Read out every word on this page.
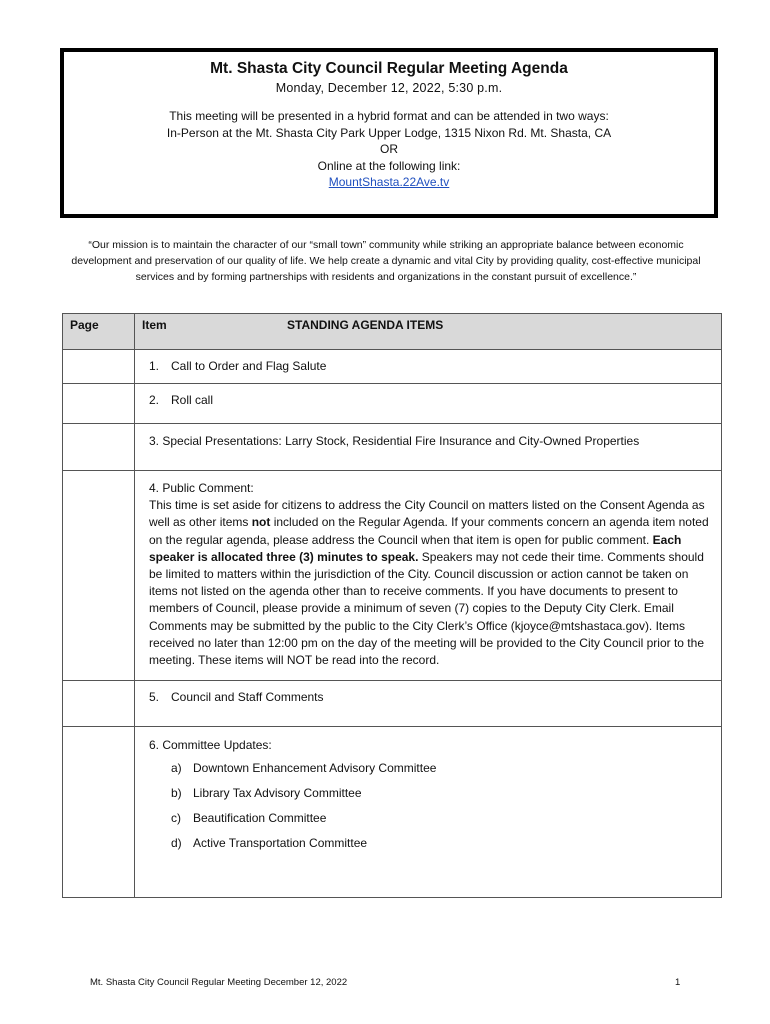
Mt. Shasta City Council Regular Meeting Agenda
Monday, December 12, 2022, 5:30 p.m.
This meeting will be presented in a hybrid format and can be attended in two ways:
In-Person at the Mt. Shasta City Park Upper Lodge, 1315 Nixon Rd. Mt. Shasta, CA
OR
Online at the following link:
MountShasta.22Ave.tv
“Our mission is to maintain the character of our “small town” community while striking an appropriate balance between economic development and preservation of our quality of life. We help create a dynamic and vital City by providing quality, cost-effective municipal services and by forming partnerships with residents and organizations in the constant pursuit of excellence.”
Page	Item STANDING AGENDA ITEMS

	1. Call to Order and Flag Salute

	2. Roll call

	3. Special Presentations: Larry Stock, Residential Fire Insurance and City-Owned Properties

	4. Public Comment:
This time is set aside for citizens to address the City Council on matters listed on the Consent Agenda as well as other items not included on the Regular Agenda. If your comments concern an agenda item noted on the regular agenda, please address the Council when that item is open for public comment. Each speaker is allocated three (3) minutes to speak. Speakers may not cede their time. Comments should be limited to matters within the jurisdiction of the City. Council discussion or action cannot be taken on items not listed on the agenda other than to receive comments. If you have documents to present to members of Council, please provide a minimum of seven (7) copies to the Deputy City Clerk. Email Comments may be submitted by the public to the City Clerk’s Office (kjoyce@mtshastaca.gov). Items received no later than 12:00 pm on the day of the meeting will be provided to the City Council prior to the meeting. These items will NOT be read into the record.

	5. Council and Staff Comments

	6. Committee Updates:
a) Downtown Enhancement Advisory Committee
b) Library Tax Advisory Committee
c) Beautification Committee
d) Active Transportation Committee
Mt. Shasta City Council Regular Meeting December 12, 2022	1
